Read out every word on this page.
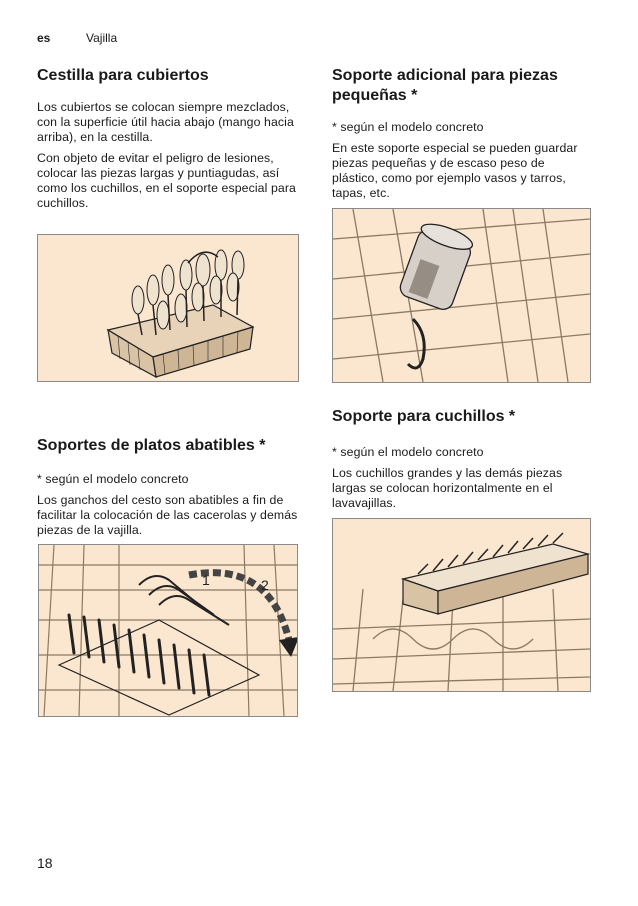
es	Vajilla
Cestilla para cubiertos

Los cubiertos se colocan siempre mezclados, con la superficie útil hacia abajo (mango hacia arriba), en la cestilla.

Con objeto de evitar el peligro de lesiones, colocar las piezas largas y puntiagudas, así como los cuchillos, en el soporte especial para cuchillos.

Soportes de platos abatibles *

* según el modelo concreto

Los ganchos del cesto son abatibles a fin de facilitar la colocación de las cacerolas y demás piezas de la vajilla.

1	2
Soporte adicional para piezas pequeñas *

* según el modelo concreto

En este soporte especial se pueden guardar piezas pequeñas y de escaso peso de plástico, como por ejemplo vasos y tarros, tapas, etc.

Soporte para cuchillos *

* según el modelo concreto

Los cuchillos grandes y las demás piezas largas se colocan horizontalmente en el lavavajillas.

18
